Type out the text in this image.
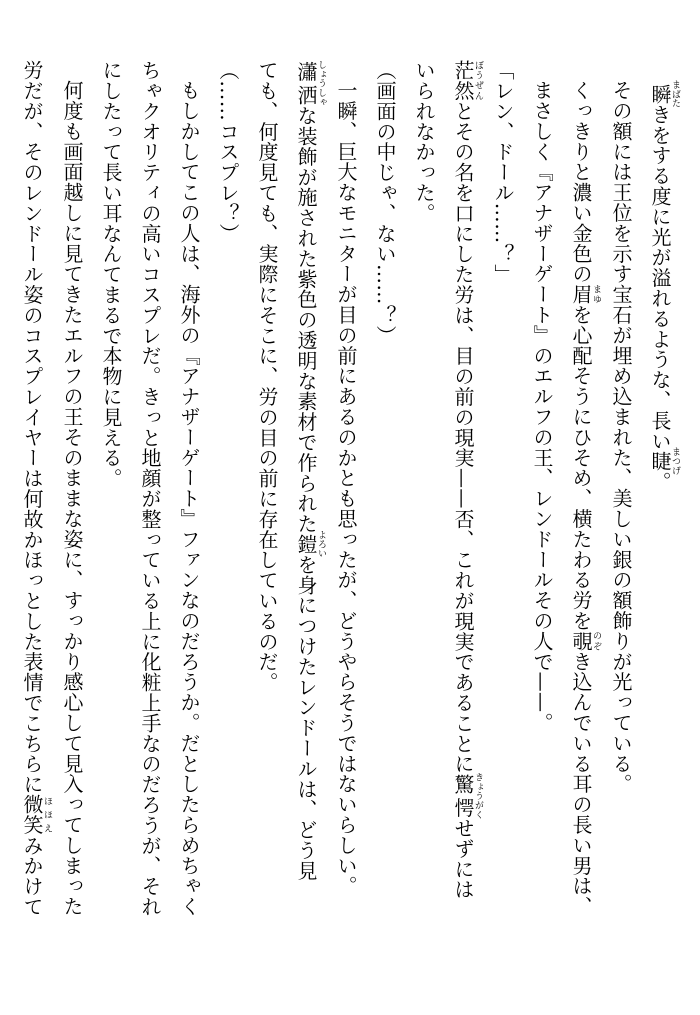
瞬まばたきをする度に光が溢れるような、長い睫まつげ。
その額には王位を示す宝石が埋め込まれた、美しい銀の額飾りが光っている。
くっきりと濃い金色の眉まゆを心配そうにひそめ、横たわる労を覗のぞき込んでいる耳の長い男は、
まさしく『アナザーゲート』のエルフの王、レンドールその人で——。
「レン、ドール……？」
茫然ぼうぜんとその名を口にした労は、目の前の現実——否、これが現実であることに驚愕きょうがくせずには
いられなかった。
（画面の中じゃ、ない……？）
一瞬、巨大なモニターが目の前にあるのかとも思ったが、どうやらそうではないらしい。
瀟洒しょうしゃな装飾が施された紫色の透明な素材で作られた鎧よろいを身につけたレンドールは、どう見
ても、何度見ても、実際にそこに、労の目の前に存在しているのだ。
（……コスプレ？）
もしかしてこの人は、海外の『アナザーゲート』ファンなのだろうか。だとしたらめちゃく
ちゃクオリティの高いコスプレだ。きっと地顔が整っている上に化粧上手なのだろうが、それ
にしたって長い耳なんてまるで本物に見える。
何度も画面越しに見てきたエルフの王そのままな姿に、すっかり感心して見入ってしまった
労だが、そのレンドール姿のコスプレイヤーは何故かほっとした表情でこちらに微笑ほほえみかけて
